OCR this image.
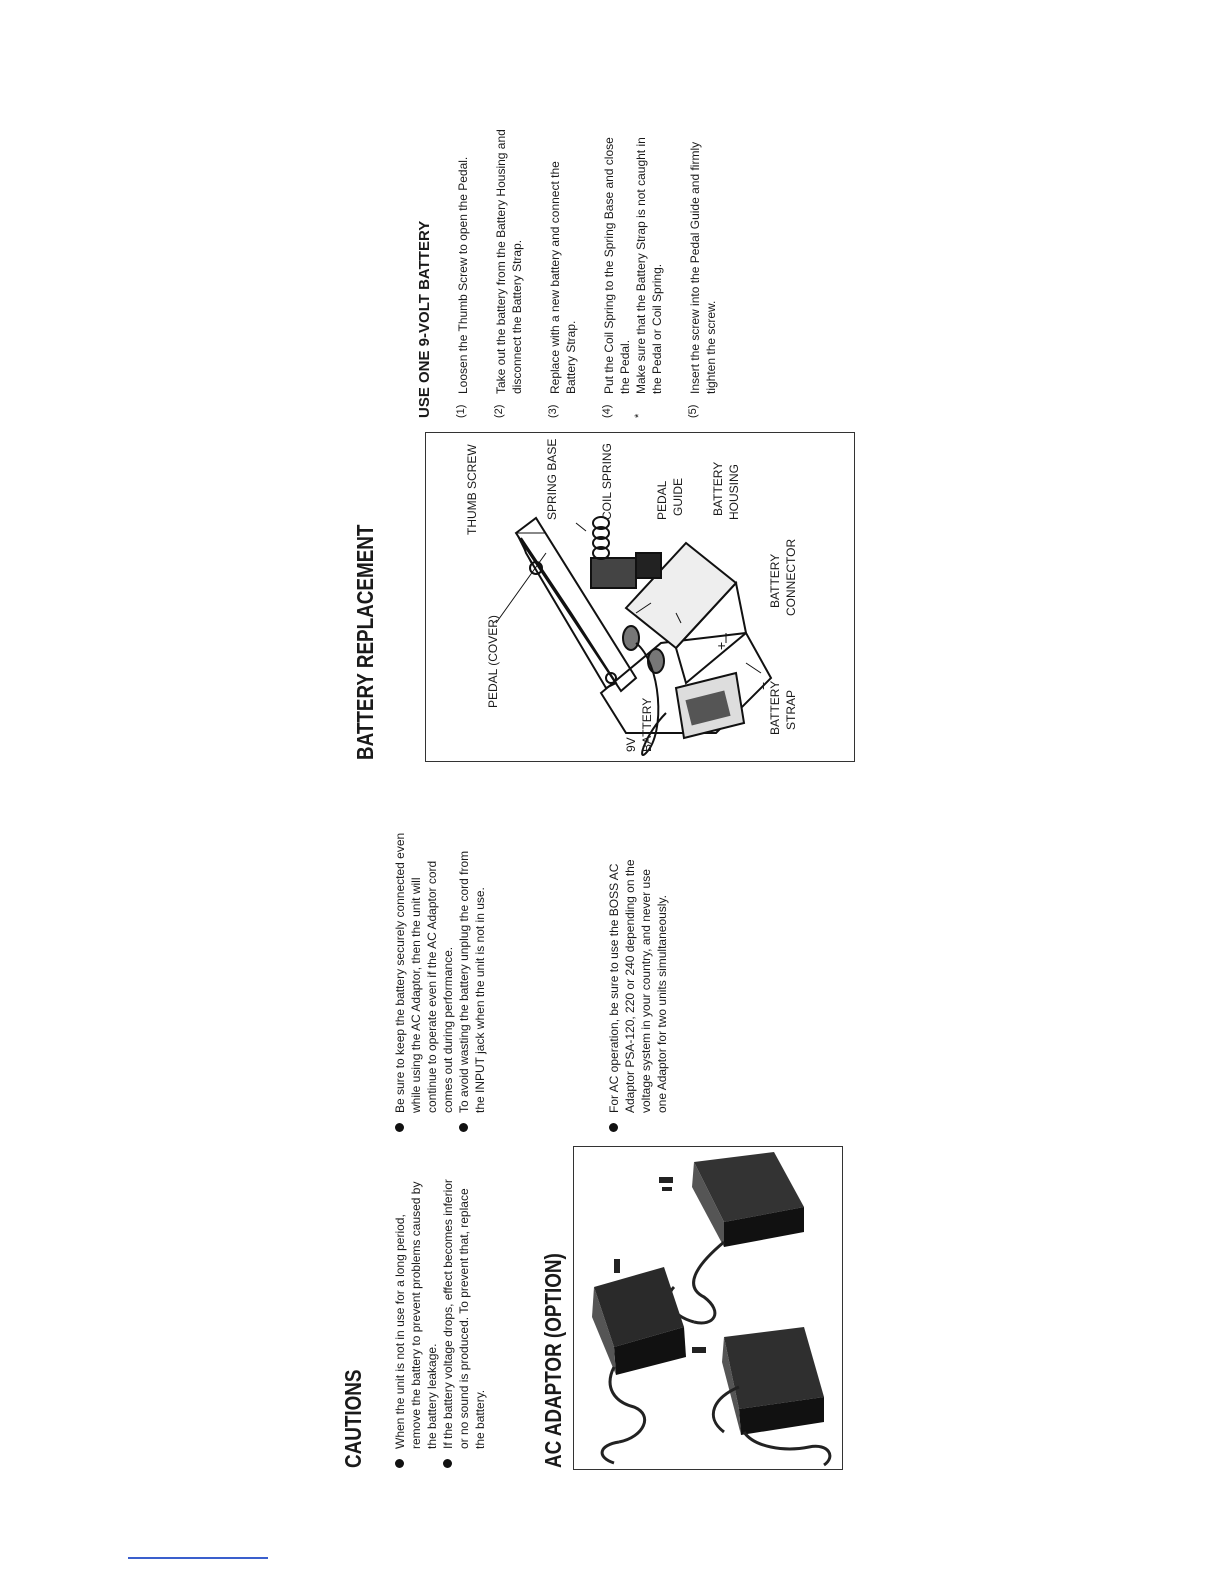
CAUTIONS When the unit is not in use for a long period, remove the battery to prevent problems caused by the battery leakage. If the battery voltage drops, effect becomes inferior or no sound is produced. To prevent that, replace the battery.
Be sure to keep the battery securely connected even while using the AC Adaptor, then the unit will continue to operate even if the AC Adaptor cord comes out during performance. To avoid wasting the battery unplug the cord from the INPUT jack when the unit is not in use.
AC ADAPTOR (OPTION)
For AC operation, be sure to use the BOSS AC Adaptor PSA-120, 220 or 240 depending on the voltage system in your country, and never use one Adaptor for two units simultaneously.
BATTERY REPLACEMENT	PEDAL (COVER)
THUMB SCREW	SPRING BASE	COIL SPRING	PEDAL GUIDE BATTERY HOUSING
BATTERY CONNECTOR
BATTERY STRAP
9V BATTERY
+
−
USE ONE 9-VOLT BATTERY (1)
Loosen the Thumb Screw to open the Pedal.
(2)
Take out the battery from the Battery Housing and disconnect the Battery Strap.
(3)
Replace with a new battery and connect the Battery Strap.
(4)
Put the Coil Spring to the Spring Base and close the Pedal.
*
Make sure that the Battery Strap is not caught in the Pedal or Coil Spring.
(5)
Insert the screw into the Pedal Guide and firmly tighten the screw.
